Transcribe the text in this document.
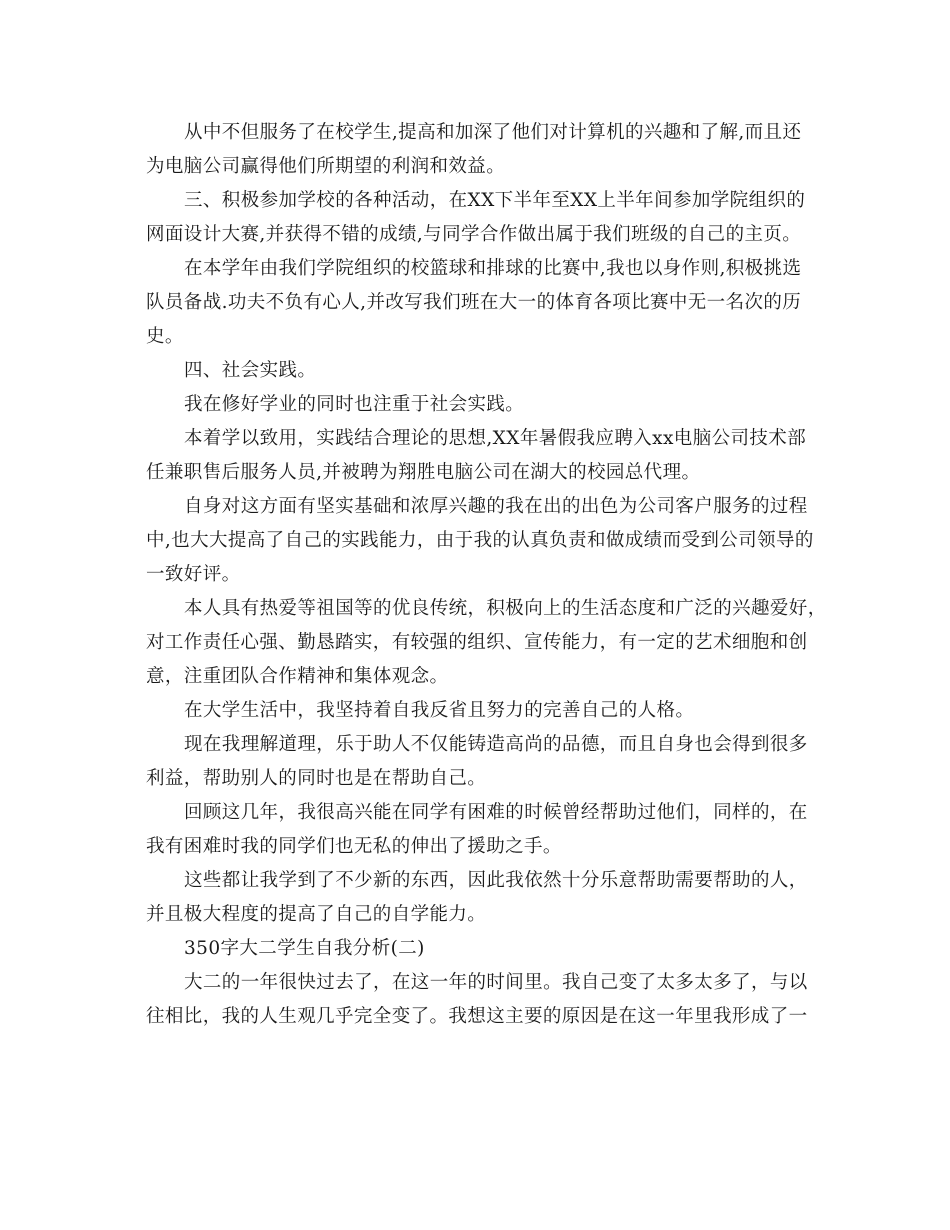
从中不但服务了在校学生,提高和加深了他们对计算机的兴趣和了解,而且还
为电脑公司赢得他们所期望的利润和效益。

三、积极参加学校的各种活动，在XX下半年至XX上半年间参加学院组织的
网面设计大赛,并获得不错的成绩,与同学合作做出属于我们班级的自己的主页。

在本学年由我们学院组织的校篮球和排球的比赛中,我也以身作则,积极挑选
队员备战.功夫不负有心人,并改写我们班在大一的体育各项比赛中无一名次的历
史。

四、社会实践。

我在修好学业的同时也注重于社会实践。

本着学以致用，实践结合理论的思想,XX年暑假我应聘入xx电脑公司技术部
任兼职售后服务人员,并被聘为翔胜电脑公司在湖大的校园总代理。

自身对这方面有坚实基础和浓厚兴趣的我在出的出色为公司客户服务的过程
中,也大大提高了自己的实践能力，由于我的认真负责和做成绩而受到公司领导的
一致好评。

本人具有热爱等祖国等的优良传统，积极向上的生活态度和广泛的兴趣爱好，
对工作责任心强、勤恳踏实，有较强的组织、宣传能力，有一定的艺术细胞和创
意，注重团队合作精神和集体观念。

在大学生活中，我坚持着自我反省且努力的完善自己的人格。

现在我理解道理，乐于助人不仅能铸造高尚的品德，而且自身也会得到很多
利益，帮助别人的同时也是在帮助自己。

回顾这几年，我很高兴能在同学有困难的时候曾经帮助过他们，同样的，在
我有困难时我的同学们也无私的伸出了援助之手。

这些都让我学到了不少新的东西，因此我依然十分乐意帮助需要帮助的人，
并且极大程度的提高了自己的自学能力。

350字大二学生自我分析(二)

大二的一年很快过去了，在这一年的时间里。我自己变了太多太多了，与以
往相比，我的人生观几乎完全变了。我想这主要的原因是在这一年里我形成了一
